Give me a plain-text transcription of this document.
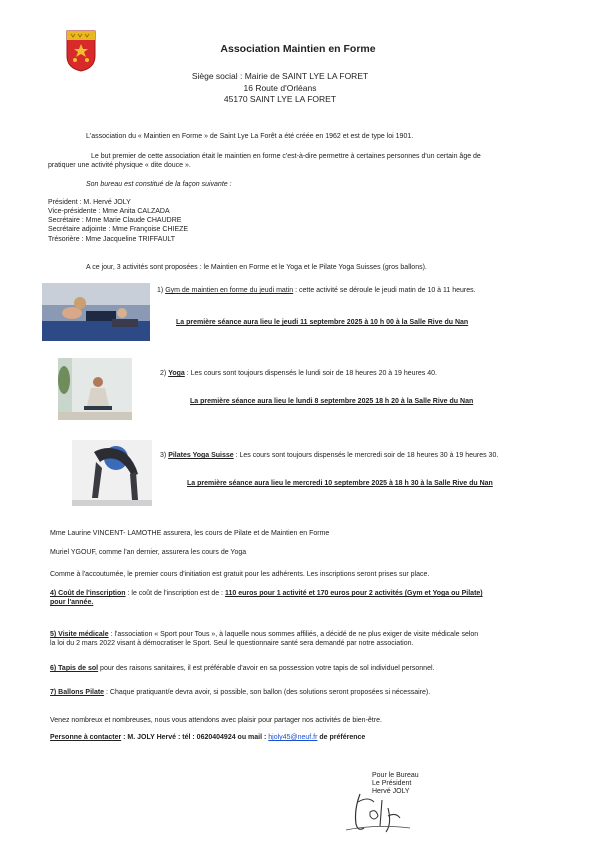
Association Maintien en Forme
Siège social : Mairie de SAINT LYE LA FORET
16 Route d'Orléans
45170 SAINT LYE LA FORET
L'association du « Maintien en Forme » de Saint Lye La Forêt a été créée en 1962 et est de type loi 1901.
Le but premier de cette association était le maintien en forme c'est-à-dire permettre à certaines personnes d'un certain âge de
pratiquer une activité physique « dite douce ».
Son bureau est constitué de la façon suivante :
Président : M. Hervé JOLY
Vice-présidente : Mme Anita CALZADA
Secrétaire : Mme Marie Claude CHAUDRE
Secrétaire adjointe : Mme Françoise CHIEZE
Trésorière : Mme Jacqueline TRIFFAULT
A ce jour, 3 activités sont proposées : le Maintien en Forme et le Yoga et le Pilate Yoga Suisses (gros ballons).
1) Gym de maintien en forme du jeudi matin : cette activité se déroule le jeudi matin de 10 à 11 heures.
La première séance aura lieu le jeudi 11 septembre 2025 à 10 h 00 à la Salle Rive du Nan
2) Yoga : Les cours sont toujours dispensés le lundi soir de 18 heures 20 à 19 heures 40.
La première séance aura lieu le lundi 8 septembre 2025 18 h 20 à la Salle Rive du Nan
3) Pilates Yoga Suisse : Les cours sont toujours dispensés le mercredi soir de 18 heures 30 à 19 heures 30.
La première séance aura lieu le mercredi 10 septembre 2025 à 18 h 30 à la Salle Rive du Nan
Mme Laurine VINCENT- LAMOTHE assurera, les cours de Pilate et de Maintien en Forme
Muriel YGOUF, comme l'an dernier, assurera les cours de Yoga
Comme à l'accoutumée, le premier cours d'initiation est gratuit pour les adhérents. Les inscriptions seront prises sur place.
4) Coût de l'inscription : le coût de l'inscription est de : 110 euros pour 1 activité et 170 euros pour 2 activités (Gym et Yoga ou Pilate)
pour l'année.
5) Visite médicale : l'association « Sport pour Tous », à laquelle nous sommes affiliés, a décidé de ne plus exiger de visite médicale selon
la loi du 2 mars 2022 visant à démocratiser le Sport. Seul le questionnaire santé sera demandé par notre association.
6) Tapis de sol pour des raisons sanitaires, il est préférable d'avoir en sa possession votre tapis de sol individuel personnel.
7) Ballons Pilate : Chaque pratiquant/e devra avoir, si possible, son ballon (des solutions seront proposées si nécessaire).
Venez nombreux et nombreuses, nous vous attendons avec plaisir pour partager nos activités de bien-être.
Personne à contacter : M. JOLY Hervé : tél : 0620404924 ou mail : hjoly45@neuf.fr de préférence
Pour le Bureau
Le Président
Hervé JOLY
